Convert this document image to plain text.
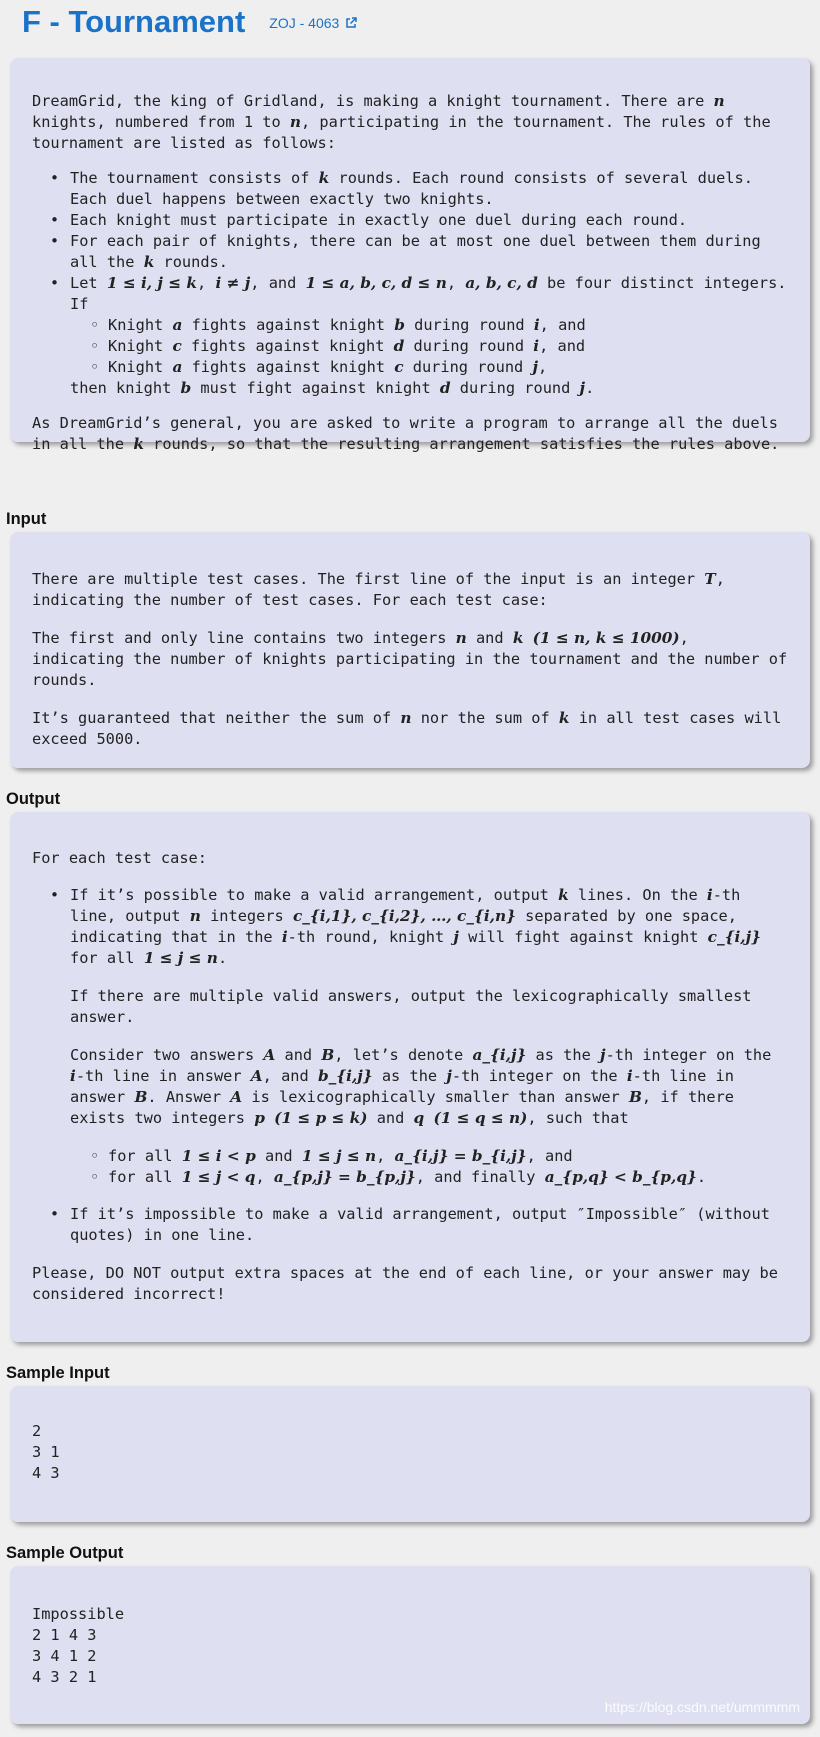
F - Tournament ZOJ - 4063

DreamGrid, the king of Gridland, is making a knight tournament. There are n knights, numbered from 1 to n, participating in the tournament. The rules of the tournament are listed as follows:

• The tournament consists of k rounds. Each round consists of several duels. Each duel happens between exactly two knights.
• Each knight must participate in exactly one duel during each round.
• For each pair of knights, there can be at most one duel between them during all the k rounds.
• Let 1 ≤ i, j ≤ k, i ≠ j, and 1 ≤ a, b, c, d ≤ n, a, b, c, d be four distinct integers. If
◦ Knight a fights against knight b during round i, and
◦ Knight c fights against knight d during round i, and
◦ Knight a fights against knight c during round j,
then knight b must fight against knight d during round j.

As DreamGrid’s general, you are asked to write a program to arrange all the duels in all the k rounds, so that the resulting arrangement satisfies the rules above.

Input

There are multiple test cases. The first line of the input is an integer T, indicating the number of test cases. For each test case:

The first and only line contains two integers n and k (1 ≤ n, k ≤ 1000), indicating the number of knights participating in the tournament and the number of rounds.

It’s guaranteed that neither the sum of n nor the sum of k in all test cases will exceed 5000.

Output

For each test case:

• If it’s possible to make a valid arrangement, output k lines. On the i-th line, output n integers c_{i,1}, c_{i,2}, …, c_{i,n} separated by one space, indicating that in the i-th round, knight j will fight against knight c_{i,j} for all 1 ≤ j ≤ n.

If there are multiple valid answers, output the lexicographically smallest answer.

Consider two answers A and B, let’s denote a_{i,j} as the j-th integer on the i-th line in answer A, and b_{i,j} as the j-th integer on the i-th line in answer B. Answer A is lexicographically smaller than answer B, if there exists two integers p (1 ≤ p ≤ k) and q (1 ≤ q ≤ n), such that

◦ for all 1 ≤ i < p and 1 ≤ j ≤ n, a_{i,j} = b_{i,j}, and
◦ for all 1 ≤ j < q, a_{p,j} = b_{p,j}, and finally a_{p,q} < b_{p,q}.
• If it’s impossible to make a valid arrangement, output ″Impossible″ (without quotes) in one line.

Please, DO NOT output extra spaces at the end of each line, or your answer may be considered incorrect!

Sample Input
2
3 1
4 3
Sample Output
Impossible
2 1 4 3
3 4 1 2
4 3 2 1
https://blog.csdn.net/ummmmm
